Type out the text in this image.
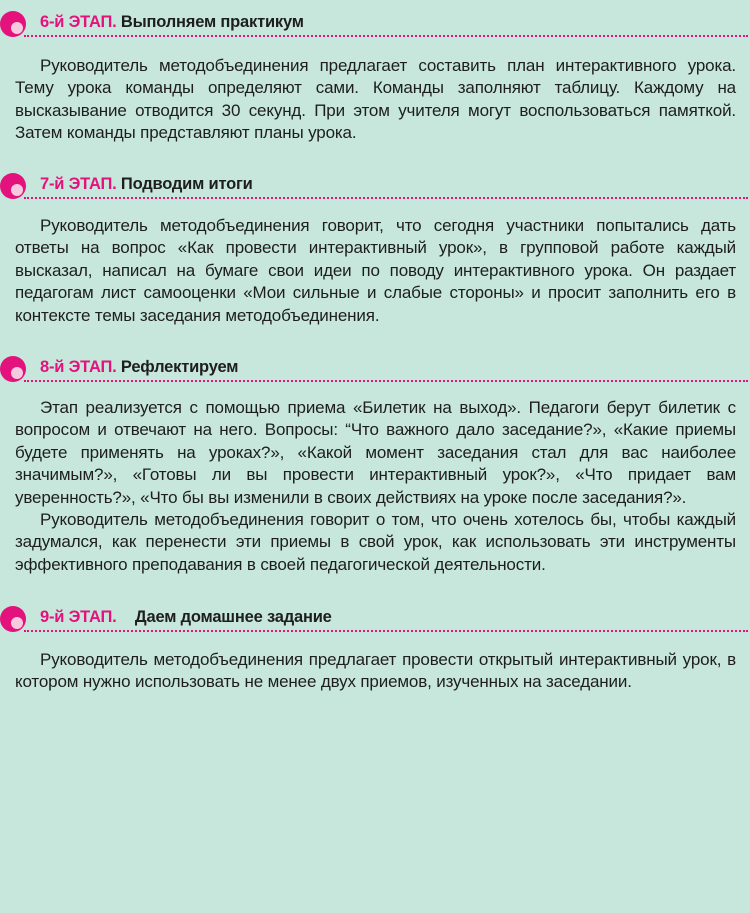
6-й ЭТАП. Выполняем практикум

Руководитель методобъединения предлагает составить план интерактивного урока. Тему урока команды определяют сами. Команды заполняют таблицу. Каждому на высказывание отводится 30 секунд. При этом учителя могут воспользоваться памяткой. Затем команды представляют планы урока.

7-й ЭТАП. Подводим итоги

Руководитель методобъединения говорит, что сегодня участники попытались дать ответы на вопрос «Как провести интерактивный урок», в групповой работе каждый высказал, написал на бумаге свои идеи по поводу интерактивного урока. Он раздает педагогам лист самооценки «Мои сильные и слабые стороны» и просит заполнить его в контексте темы заседания методобъединения.

8-й ЭТАП. Рефлектируем

Этап реализуется с помощью приема «Билетик на выход». Педагоги берут билетик с вопросом и отвечают на него. Вопросы: “Что важного дало заседание?», «Какие приемы будете применять на уроках?», «Какой момент заседания стал для вас наиболее значимым?», «Готовы ли вы провести интерактивный урок?», «Что придает вам уверенность?», «Что бы вы изменили в своих действиях на уроке после заседания?».

Руководитель методобъединения говорит о том, что очень хотелось бы, чтобы каждый задумался, как перенести эти приемы в свой урок, как использовать эти инструменты эффективного преподавания в своей педагогической деятельности.

9-й ЭТАП. Даем домашнее задание

Руководитель методобъединения предлагает провести открытый интерактивный урок, в котором нужно использовать не менее двух приемов, изученных на заседании.
